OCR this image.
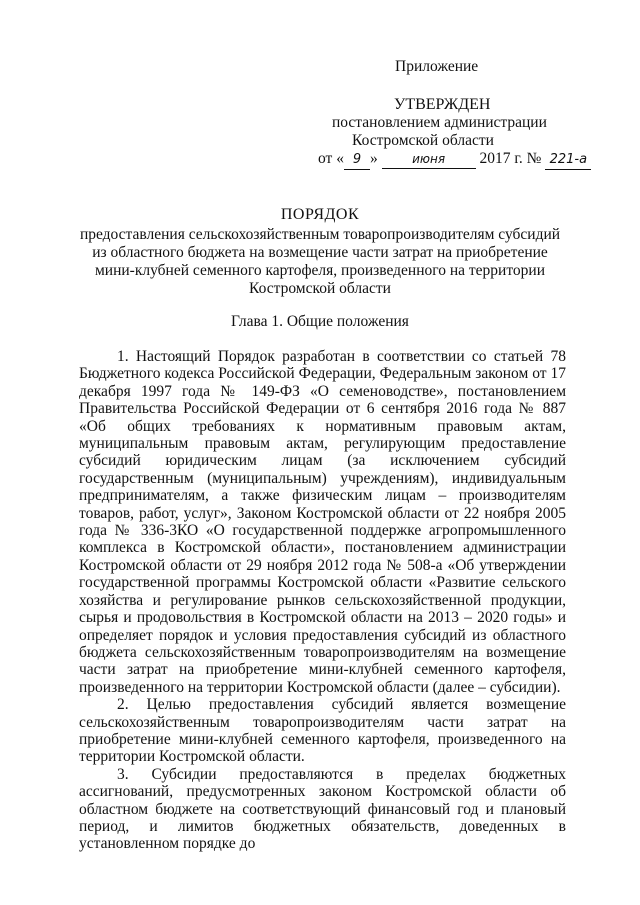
Приложение
УТВЕРЖДЕН
постановлением администрации
Костромской области
от « 9 »	июня 2017 г. № 221-а
ПОРЯДОК
предоставления сельскохозяйственным товаропроизводителям субсидий
из областного бюджета на возмещение части затрат на приобретение
мини-клубней семенного картофеля, произведенного на территории
Костромской области
Глава 1. Общие положения

1. Настоящий Порядок разработан в соответствии со статьей 78 Бюджетного кодекса Российской Федерации, Федеральным законом от 17 декабря 1997 года № 149-ФЗ «О семеноводстве», постановлением Правительства Российской Федерации от 6 сентября 2016 года № 887 «Об общих требованиях к нормативным правовым актам, муниципальным правовым актам, регулирующим предоставление субсидий юридическим лицам (за исключением субсидий государственным (муниципальным) учреждениям), индивидуальным предпринимателям, а также физическим лицам – производителям товаров, работ, услуг», Законом Костромской области от 22 ноября 2005 года № 336-3КО «О государственной поддержке агропромышленного комплекса в Костромской области», постановлением администрации Костромской области от 29 ноября 2012 года № 508-а «Об утверждении государственной программы Костромской области «Развитие сельского хозяйства и регулирование рынков сельскохозяйственной продукции, сырья и продовольствия в Костромской области на 2013 – 2020 годы» и определяет порядок и условия предоставления субсидий из областного бюджета сельскохозяйственным товаропроизводителям на возмещение части затрат на приобретение мини-клубней семенного картофеля, произведенного на территории Костромской области (далее – субсидии).

2. Целью предоставления субсидий является возмещение сельскохозяйственным товаропроизводителям части затрат на приобретение мини-клубней семенного картофеля, произведенного на территории Костромской области.

3. Субсидии предоставляются в пределах бюджетных ассигнований, предусмотренных законом Костромской области об областном бюджете на соответствующий финансовый год и плановый период, и лимитов бюджетных обязательств, доведенных в установленном порядке до
